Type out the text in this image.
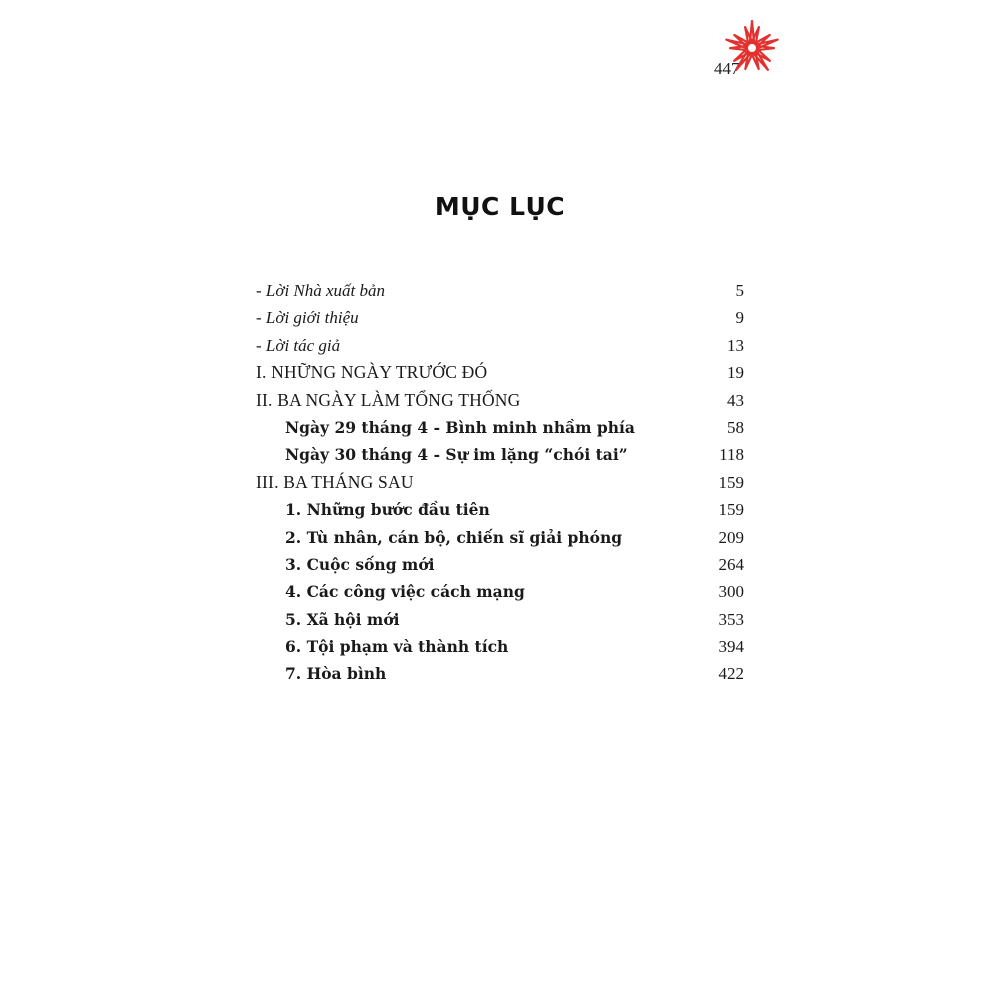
447
MỤC LỤC
- Lời Nhà xuất bản	5
- Lời giới thiệu	9
- Lời tác giả	13
I. NHỮNG NGÀY TRƯỚC ĐÓ	19
II. BA NGÀY LÀM TỔNG THỐNG	43
Ngày 29 tháng 4 - Bình minh nhầm phía	58
Ngày 30 tháng 4 - Sự im lặng “chói tai”	118
III. BA THÁNG SAU	159
1. Những bước đầu tiên	159
2. Tù nhân, cán bộ, chiến sĩ giải phóng	209
3. Cuộc sống mới	264
4. Các công việc cách mạng	300
5. Xã hội mới	353
6. Tội phạm và thành tích	394
7. Hòa bình	422
